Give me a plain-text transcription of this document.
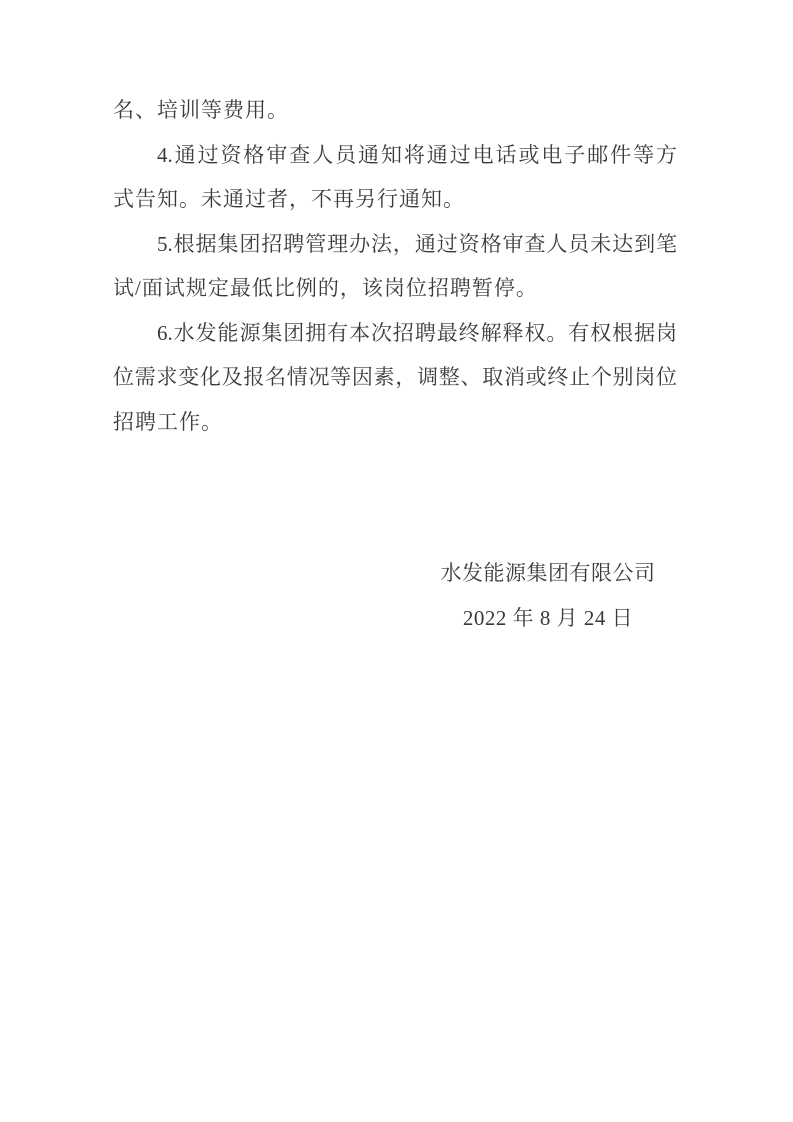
名、培训等费用。
4.通过资格审查人员通知将通过电话或电子邮件等方
式告知。未通过者，不再另行通知。
5.根据集团招聘管理办法，通过资格审查人员未达到笔
试/面试规定最低比例的，该岗位招聘暂停。
6.水发能源集团拥有本次招聘最终解释权。有权根据岗
位需求变化及报名情况等因素，调整、取消或终止个别岗位
招聘工作。
水发能源集团有限公司
2022 年 8 月 24 日
